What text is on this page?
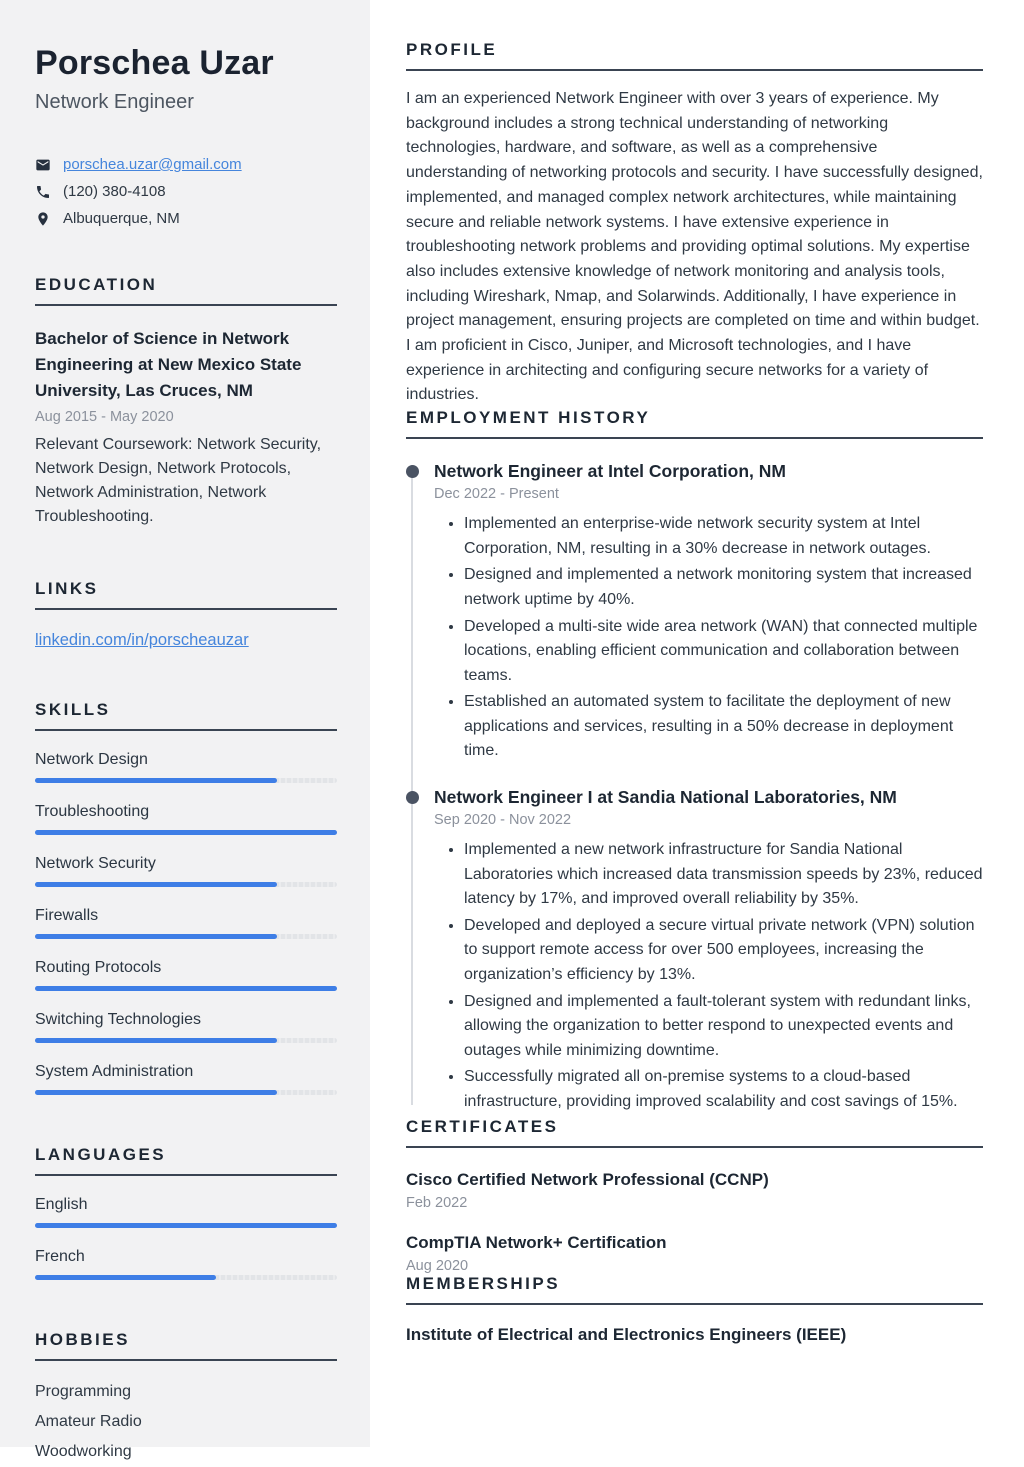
Porschea Uzar
Network Engineer
porschea.uzar@gmail.com
(120) 380-4108
Albuquerque, NM
EDUCATION
Bachelor of Science in Network Engineering at New Mexico State University, Las Cruces, NM
Aug 2015 - May 2020
Relevant Coursework: Network Security, Network Design, Network Protocols, Network Administration, Network Troubleshooting.
LINKS
linkedin.com/in/porscheauzar
SKILLS
Network Design
Troubleshooting
Network Security
Firewalls
Routing Protocols
Switching Technologies
System Administration
LANGUAGES
English
French
HOBBIES
Programming
Amateur Radio
Woodworking
PROFILE

I am an experienced Network Engineer with over 3 years of experience. My background includes a strong technical understanding of networking technologies, hardware, and software, as well as a comprehensive understanding of networking protocols and security. I have successfully designed, implemented, and managed complex network architectures, while maintaining secure and reliable network systems. I have extensive experience in troubleshooting network problems and providing optimal solutions. My expertise also includes extensive knowledge of network monitoring and analysis tools, including Wireshark, Nmap, and Solarwinds. Additionally, I have experience in project management, ensuring projects are completed on time and within budget. I am proficient in Cisco, Juniper, and Microsoft technologies, and I have experience in architecting and configuring secure networks for a variety of industries.

EMPLOYMENT HISTORY
Network Engineer at Intel Corporation, NM
Dec 2022 - Present
• Implemented an enterprise-wide network security system at Intel Corporation, NM, resulting in a 30% decrease in network outages.
• Designed and implemented a network monitoring system that increased network uptime by 40%.
• Developed a multi-site wide area network (WAN) that connected multiple locations, enabling efficient communication and collaboration between teams.
• Established an automated system to facilitate the deployment of new applications and services, resulting in a 50% decrease in deployment time.
Network Engineer I at Sandia National Laboratories, NM
Sep 2020 - Nov 2022
• Implemented a new network infrastructure for Sandia National Laboratories which increased data transmission speeds by 23%, reduced latency by 17%, and improved overall reliability by 35%.
• Developed and deployed a secure virtual private network (VPN) solution to support remote access for over 500 employees, increasing the organization’s efficiency by 13%.
• Designed and implemented a fault-tolerant system with redundant links, allowing the organization to better respond to unexpected events and outages while minimizing downtime.
• Successfully migrated all on-premise systems to a cloud-based infrastructure, providing improved scalability and cost savings of 15%.
CERTIFICATES
Cisco Certified Network Professional (CCNP)
Feb 2022
CompTIA Network+ Certification
Aug 2020
MEMBERSHIPS
Institute of Electrical and Electronics Engineers (IEEE)
